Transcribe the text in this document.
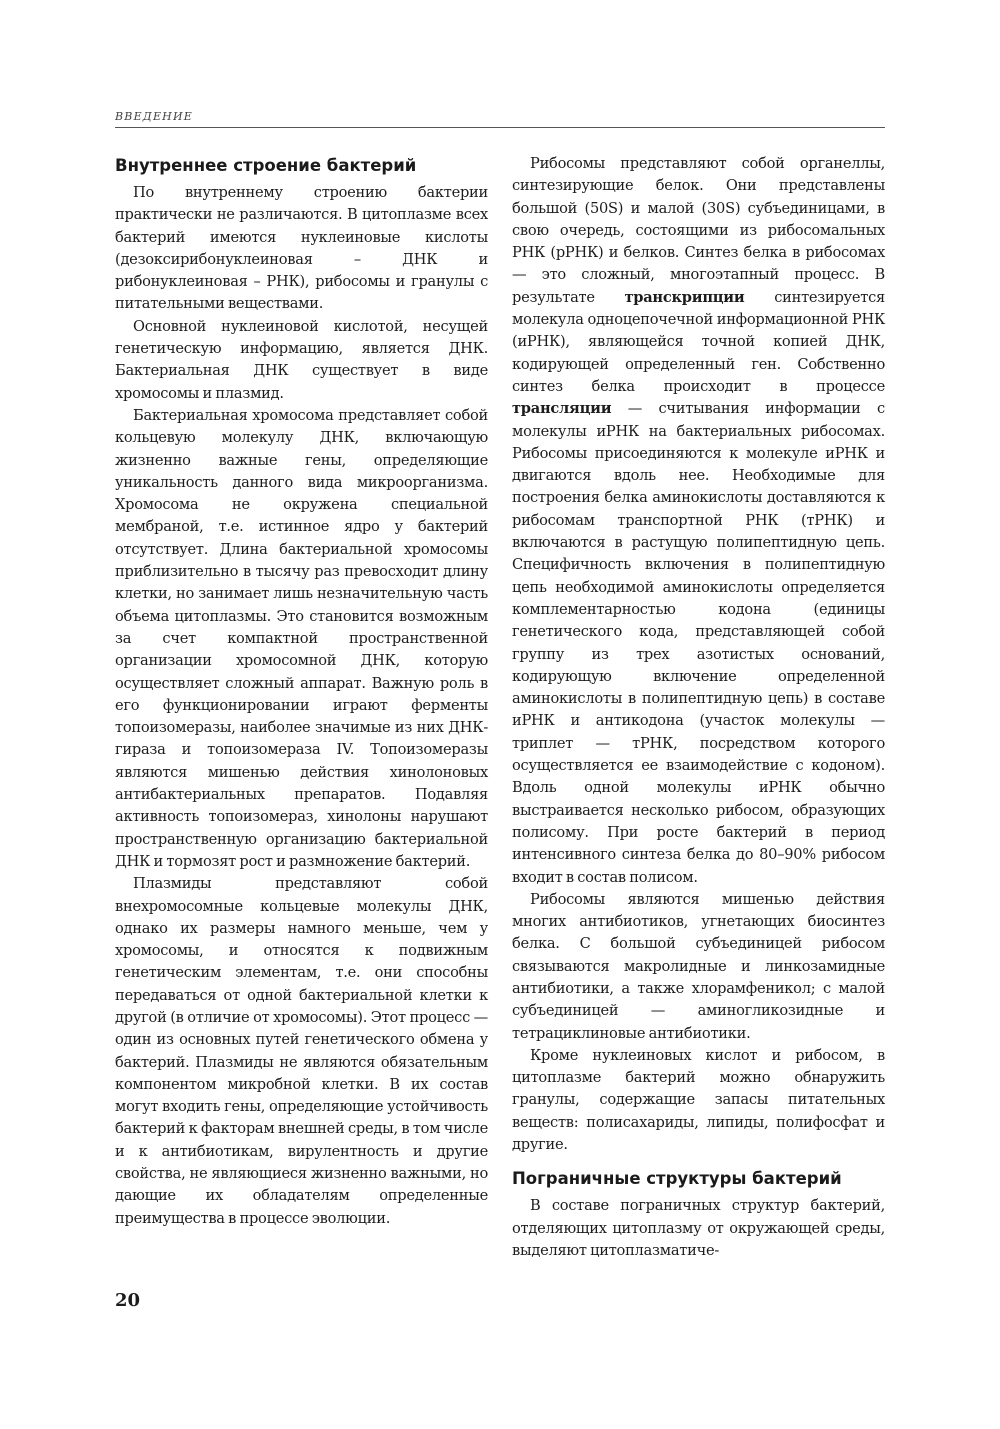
ВВЕДЕНИЕ
Внутреннее строение бактерий

По внутреннему строению бактерии практически не различаются. В цитоплазме всех бактерий имеются нуклеиновые кислоты (дезоксирибонуклеиновая – ДНК и рибонуклеиновая – РНК), рибосомы и гранулы с питательными веществами.

Основной нуклеиновой кислотой, несущей генетическую информацию, является ДНК. Бактериальная ДНК существует в виде хромосомы и плазмид.

Бактериальная хромосома представляет собой кольцевую молекулу ДНК, включающую жизненно важные гены, определяющие уникальность данного вида микроорганизма. Хромосома не окружена специальной мембраной, т.е. истинное ядро у бактерий отсутствует. Длина бактериальной хромосомы приблизительно в тысячу раз превосходит длину клетки, но занимает лишь незначительную часть объема цитоплазмы. Это становится возможным за счет компактной пространственной организации хромосомной ДНК, которую осуществляет сложный аппарат. Важную роль в его функционировании играют ферменты топоизомеразы, наиболее значимые из них ДНК-гираза и топоизомераза IV. Топоизомеразы являются мишенью действия хинолоновых антибактериальных препаратов. Подавляя активность топоизомераз, хинолоны нарушают пространственную организацию бактериальной ДНК и тормозят рост и размножение бактерий.

Плазмиды представляют собой внехромосомные кольцевые молекулы ДНК, однако их размеры намного меньше, чем у хромосомы, и относятся к подвижным генетическим элементам, т.е. они способны передаваться от одной бактериальной клетки к другой (в отличие от хромосомы). Этот процесс — один из основных путей генетического обмена у бактерий. Плазмиды не являются обязательным компонентом микробной клетки. В их состав могут входить гены, определяющие устойчивость бактерий к факторам внешней среды, в том числе и к антибиотикам, вирулентность и другие свойства, не являющиеся жизненно важными, но дающие их обладателям определенные преимущества в процессе эволюции.

Рибосомы представляют собой органеллы, синтезирующие белок. Они представлены большой (50S) и малой (30S) субъединицами, в свою очередь, состоящими из рибосомальных РНК (рРНК) и белков. Синтез белка в рибосомах — это сложный, многоэтапный процесс. В результате транскрипции синтезируется молекула одноцепочечной информационной РНК (иРНК), являющейся точной копией ДНК, кодирующей определенный ген. Собственно синтез белка происходит в процессе трансляции — считывания информации с молекулы иРНК на бактериальных рибосомах. Рибосомы присоединяются к молекуле иРНК и двигаются вдоль нее. Необходимые для построения белка аминокислоты доставляются к рибосомам транспортной РНК (тРНК) и включаются в растущую полипептидную цепь. Специфичность включения в полипептидную цепь необходимой аминокислоты определяется комплементарностью кодона (единицы генетического кода, представляющей собой группу из трех азотистых оснований, кодирующую включение определенной аминокислоты в полипептидную цепь) в составе иРНК и антикодона (участок молекулы — триплет — тРНК, посредством которого осуществляется ее взаимодействие с кодоном). Вдоль одной молекулы иРНК обычно выстраивается несколько рибосом, образующих полисому. При росте бактерий в период интенсивного синтеза белка до 80–90% рибосом входит в состав полисом.

Рибосомы являются мишенью действия многих антибиотиков, угнетающих биосинтез белка. С большой субъединицей рибосом связываются макролидные и линкозамидные антибиотики, а также хлорамфеникол; с малой субъединицей — аминогликозидные и тетрациклиновые антибиотики.

Кроме нуклеиновых кислот и рибосом, в цитоплазме бактерий можно обнаружить гранулы, содержащие запасы питательных веществ: полисахариды, липиды, полифосфат и другие.

Пограничные структуры бактерий

В составе пограничных структур бактерий, отделяющих цитоплазму от окружающей среды, выделяют цитоплазматиче-

20
